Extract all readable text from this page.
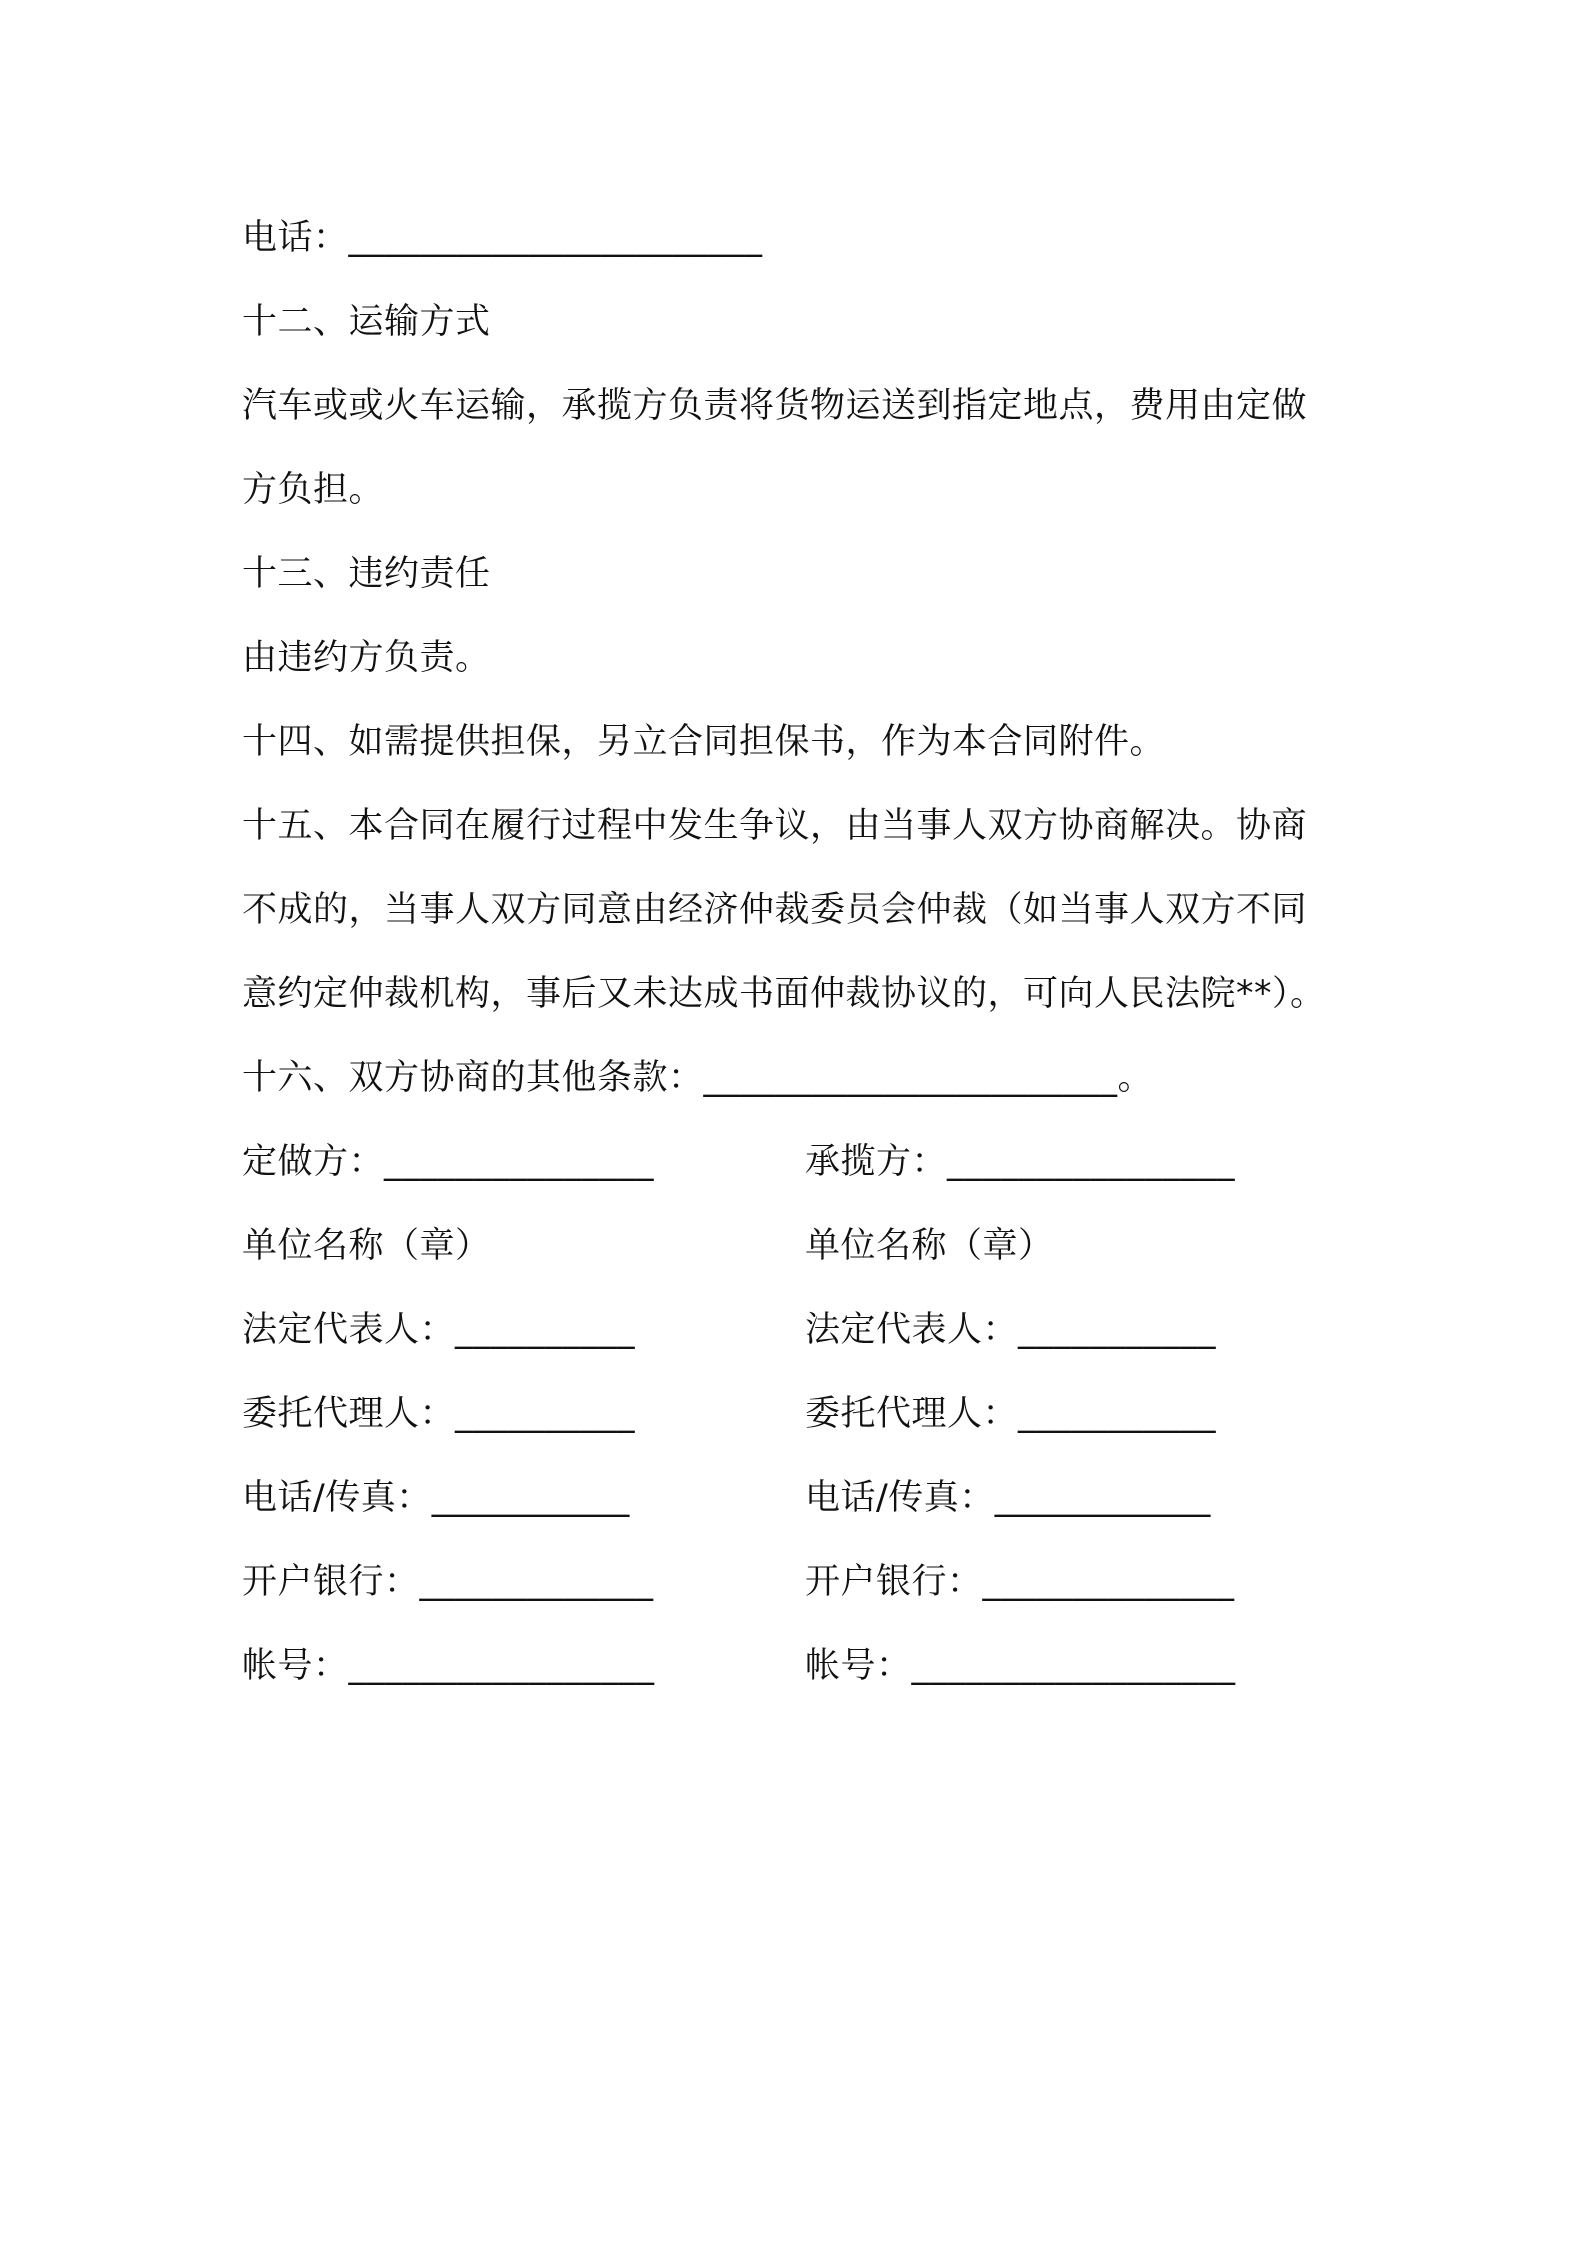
电话：_______________________
十二、运输方式
汽车或或火车运输，承揽方负责将货物运送到指定地点，费用由定做
方负担。
十三、违约责任
由违约方负责。
十四、如需提供担保，另立合同担保书，作为本合同附件。
十五、本合同在履行过程中发生争议，由当事人双方协商解决。协商
不成的，当事人双方同意由经济仲裁委员会仲裁（如当事人双方不同
意约定仲裁机构，事后又未达成书面仲裁协议的，可向人民法院**）。
十六、双方协商的其他条款：_______________________。
定做方：_______________	承揽方：________________
单位名称（章）	单位名称（章）
法定代表人：__________	法定代表人：___________
委托代理人：__________	委托代理人：___________
电话/传真：___________	电话/传真：____________
开户银行：_____________	开户银行：______________
帐号：_________________	帐号：__________________
